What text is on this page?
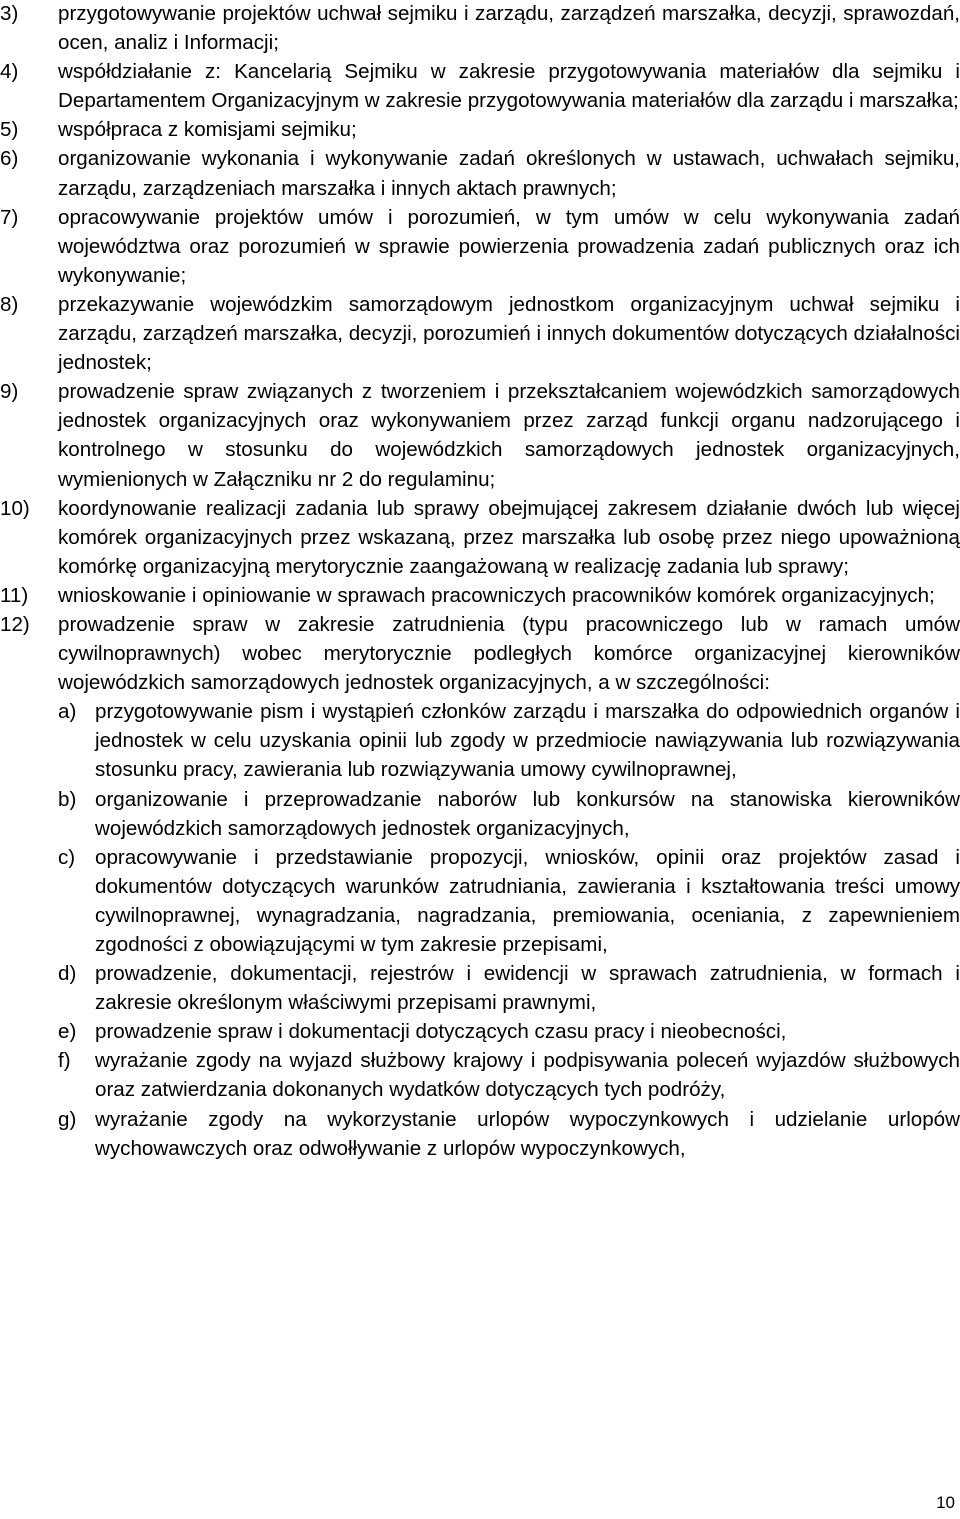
3)	przygotowywanie projektów uchwał sejmiku i zarządu, zarządzeń marszałka, decyzji, sprawozdań, ocen, analiz i Informacji;
4)	współdziałanie z: Kancelarią Sejmiku w zakresie przygotowywania materiałów dla sejmiku i Departamentem Organizacyjnym w zakresie przygotowywania materiałów dla zarządu i marszałka;
5)	współpraca z komisjami sejmiku;
6)	organizowanie wykonania i wykonywanie zadań określonych w ustawach, uchwałach sejmiku, zarządu, zarządzeniach marszałka i innych aktach prawnych;
7)	opracowywanie projektów umów i porozumień, w tym umów w celu wykonywania zadań województwa oraz porozumień w sprawie powierzenia prowadzenia zadań publicznych oraz ich wykonywanie;
8)	przekazywanie wojewódzkim samorządowym jednostkom organizacyjnym uchwał sejmiku i zarządu, zarządzeń marszałka, decyzji, porozumień i innych dokumentów dotyczących działalności jednostek;
9)	prowadzenie spraw związanych z tworzeniem i przekształcaniem wojewódzkich samorządowych jednostek organizacyjnych oraz wykonywaniem przez zarząd funkcji organu nadzorującego i kontrolnego w stosunku do wojewódzkich samorządowych jednostek organizacyjnych, wymienionych w Załączniku nr 2 do regulaminu;
10)	koordynowanie realizacji zadania lub sprawy obejmującej zakresem działanie dwóch lub więcej komórek organizacyjnych przez wskazaną, przez marszałka lub osobę przez niego upoważnioną komórkę organizacyjną merytorycznie zaangażowaną w realizację zadania lub sprawy;
11)	wnioskowanie i opiniowanie w sprawach pracowniczych pracowników komórek organizacyjnych;
12)	prowadzenie spraw w zakresie zatrudnienia (typu pracowniczego lub w ramach umów cywilnoprawnych) wobec merytorycznie podległych komórce organizacyjnej kierowników wojewódzkich samorządowych jednostek organizacyjnych, a w szczególności:
a) przygotowywanie pism i wystąpień członków zarządu i marszałka do odpowiednich organów i jednostek w celu uzyskania opinii lub zgody w przedmiocie nawiązywania lub rozwiązywania stosunku pracy, zawierania lub rozwiązywania umowy cywilnoprawnej,
b) organizowanie i przeprowadzanie naborów lub konkursów na stanowiska kierowników wojewódzkich samorządowych jednostek organizacyjnych,
c) opracowywanie i przedstawianie propozycji, wniosków, opinii oraz projektów zasad i dokumentów dotyczących warunków zatrudniania, zawierania i kształtowania treści umowy cywilnoprawnej, wynagradzania, nagradzania, premiowania, oceniania, z zapewnieniem zgodności z obowiązującymi w tym zakresie przepisami,
d) prowadzenie, dokumentacji, rejestrów i ewidencji w sprawach zatrudnienia, w formach i zakresie określonym właściwymi przepisami prawnymi,
e) prowadzenie spraw i dokumentacji dotyczących czasu pracy i nieobecności,
f)	wyrażanie zgody na wyjazd służbowy krajowy i podpisywania poleceń wyjazdów służbowych oraz zatwierdzania dokonanych wydatków dotyczących tych podróży,
g) wyrażanie zgody na wykorzystanie urlopów wypoczynkowych i udzielanie urlopów wychowawczych oraz odwołływanie z urlopów wypoczynkowych,
10
